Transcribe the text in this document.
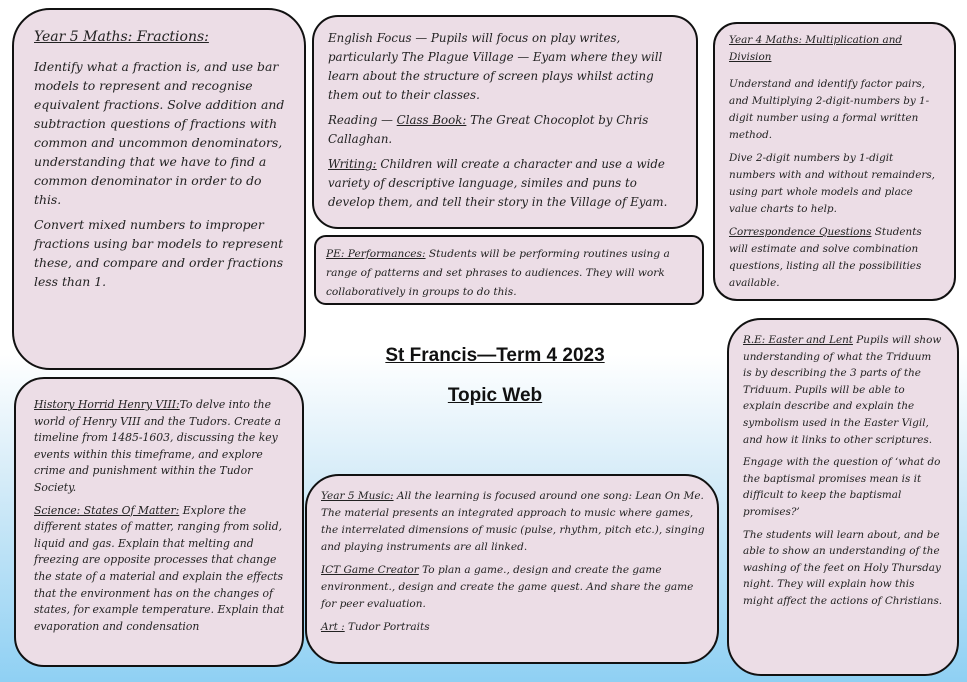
Year 5 Maths: Fractions:

Identify what a fraction is, and use bar models to represent and recognise equivalent fractions. Solve addition and subtraction questions of fractions with common and uncommon denominators, understanding that we have to find a common denominator in order to do this.

Convert mixed numbers to improper fractions using bar models to represent these, and compare and order fractions less than 1.

English Focus — Pupils will focus on play writes, particularly The Plague Village — Eyam where they will learn about the structure of screen plays whilst acting them out to their classes.

Reading — Class Book: The Great Chocoplot by Chris Callaghan.

Writing: Children will create a character and use a wide variety of descriptive language, similes and puns to develop them, and tell their story in the Village of Eyam.

PE: Performances: Students will be performing routines using a range of patterns and set phrases to audiences. They will work collaboratively in groups to do this.

Year 4 Maths: Multiplication and Division

Understand and identify factor pairs, and Multiplying 2-digit-numbers by 1-digit number using a formal written method.

Dive 2-digit numbers by 1-digit numbers with and without remainders, using part whole models and place value charts to help.

Correspondence Questions Students will estimate and solve combination questions, listing all the possibilities available.

St Francis—Term 4 2023
Topic Web

History Horrid Henry VIII:To delve into the world of Henry VIII and the Tudors. Create a timeline from 1485-1603, discussing the key events within this timeframe, and explore crime and punishment within the Tudor Society.

Science: States Of Matter: Explore the different states of matter, ranging from solid, liquid and gas. Explain that melting and freezing are opposite processes that change the state of a material and explain the effects that the environment has on the changes of states, for example temperature. Explain that evaporation and condensation

Year 5 Music: All the learning is focused around one song: Lean On Me. The material presents an integrated approach to music where games, the interrelated dimensions of music (pulse, rhythm, pitch etc.), singing and playing instruments are all linked.

ICT Game Creator To plan a game., design and create the game environment., design and create the game quest. And share the game for peer evaluation.

Art : Tudor Portraits

R.E: Easter and Lent Pupils will show understanding of what the Triduum is by describing the 3 parts of the Triduum. Pupils will be able to explain describe and explain the symbolism used in the Easter Vigil, and how it links to other scriptures.

Engage with the question of ‘what do the baptismal promises mean is it difficult to keep the baptismal promises?’

The students will learn about, and be able to show an understanding of the washing of the feet on Holy Thursday night. They will explain how this might affect the actions of Christians.
